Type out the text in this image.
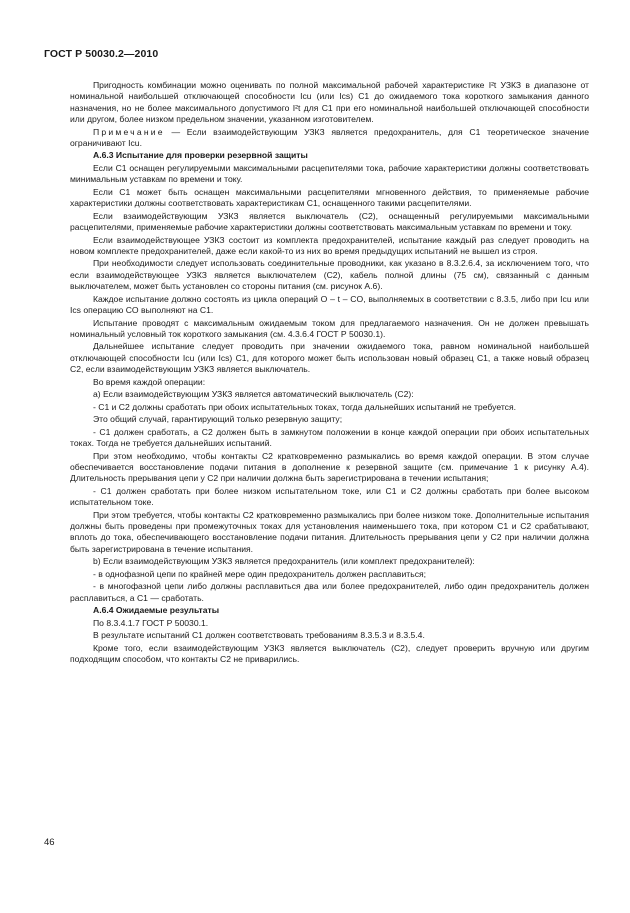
ГОСТ Р 50030.2—2010

Пригодность комбинации можно оценивать по полной максимальной рабочей характеристике I²t УЗКЗ в диапазоне от номинальной наибольшей отключающей способности Icu (или Ics) C1 до ожидаемого тока короткого замыкания данного назначения, но не более максимального допустимого I²t для C1 при его номинальной наибольшей отключающей способности или другом, более низком предельном значении, указанном изготовителем.

Примечание — Если взаимодействующим УЗКЗ является предохранитель, для C1 теоретическое значение ограничивают Icu.

А.6.3 Испытание для проверки резервной защиты

Если C1 оснащен регулируемыми максимальными расцепителями тока, рабочие характеристики должны соответствовать минимальным уставкам по времени и току.

Если C1 может быть оснащен максимальными расцепителями мгновенного действия, то применяемые рабочие характеристики должны соответствовать характеристикам C1, оснащенного такими расцепителями.

Если взаимодействующим УЗКЗ является выключатель (C2), оснащенный регулируемыми максимальными расцепителями, применяемые рабочие характеристики должны соответствовать максимальным уставкам по времени и току.

Если взаимодействующее УЗКЗ состоит из комплекта предохранителей, испытание каждый раз следует проводить на новом комплекте предохранителей, даже если какой-то из них во время предыдущих испытаний не вышел из строя.

При необходимости следует использовать соединительные проводники, как указано в 8.3.2.6.4, за исключением того, что если взаимодействующее УЗКЗ является выключателем (C2), кабель полной длины (75 см), связанный с данным выключателем, может быть установлен со стороны питания (см. рисунок А.6).

Каждое испытание должно состоять из цикла операций O – t – CO, выполняемых в соответствии с 8.3.5, либо при Icu или Ics операцию CO выполняют на C1.

Испытание проводят с максимальным ожидаемым током для предлагаемого назначения. Он не должен превышать номинальный условный ток короткого замыкания (см. 4.3.6.4 ГОСТ Р 50030.1).

Дальнейшее испытание следует проводить при значении ожидаемого тока, равном номинальной наибольшей отключающей способности Icu (или Ics) C1, для которого может быть использован новый образец C1, а также новый образец C2, если взаимодействующим УЗКЗ является выключатель.

Во время каждой операции:

а) Если взаимодействующим УЗКЗ является автоматический выключатель (C2):

- C1 и C2 должны сработать при обоих испытательных токах, тогда дальнейших испытаний не требуется.

Это общий случай, гарантирующий только резервную защиту;

- C1 должен сработать, а C2 должен быть в замкнутом положении в конце каждой операции при обоих испытательных токах. Тогда не требуется дальнейших испытаний.

При этом необходимо, чтобы контакты C2 кратковременно размыкались во время каждой операции. В этом случае обеспечивается восстановление подачи питания в дополнение к резервной защите (см. примечание 1 к рисунку А.4). Длительность прерывания цепи у C2 при наличии должна быть зарегистрирована в течении испытания;

- C1 должен сработать при более низком испытательном токе, или C1 и C2 должны сработать при более высоком испытательном токе.

При этом требуется, чтобы контакты C2 кратковременно размыкались при более низком токе. Дополнительные испытания должны быть проведены при промежуточных токах для установления наименьшего тока, при котором C1 и C2 срабатывают, вплоть до тока, обеспечивающего восстановление подачи питания. Длительность прерывания цепи у C2 при наличии должна быть зарегистрирована в течение испытания.

b) Если взаимодействующим УЗКЗ является предохранитель (или комплект предохранителей):

- в однофазной цепи по крайней мере один предохранитель должен расплавиться;

- в многофазной цепи либо должны расплавиться два или более предохранителей, либо один предохранитель должен расплавиться, а C1 — сработать.

А.6.4 Ожидаемые результаты

По 8.3.4.1.7 ГОСТ Р 50030.1.

В результате испытаний C1 должен соответствовать требованиям 8.3.5.3 и 8.3.5.4.

Кроме того, если взаимодействующим УЗКЗ является выключатель (C2), следует проверить вручную или другим подходящим способом, что контакты C2 не приварились.

46
